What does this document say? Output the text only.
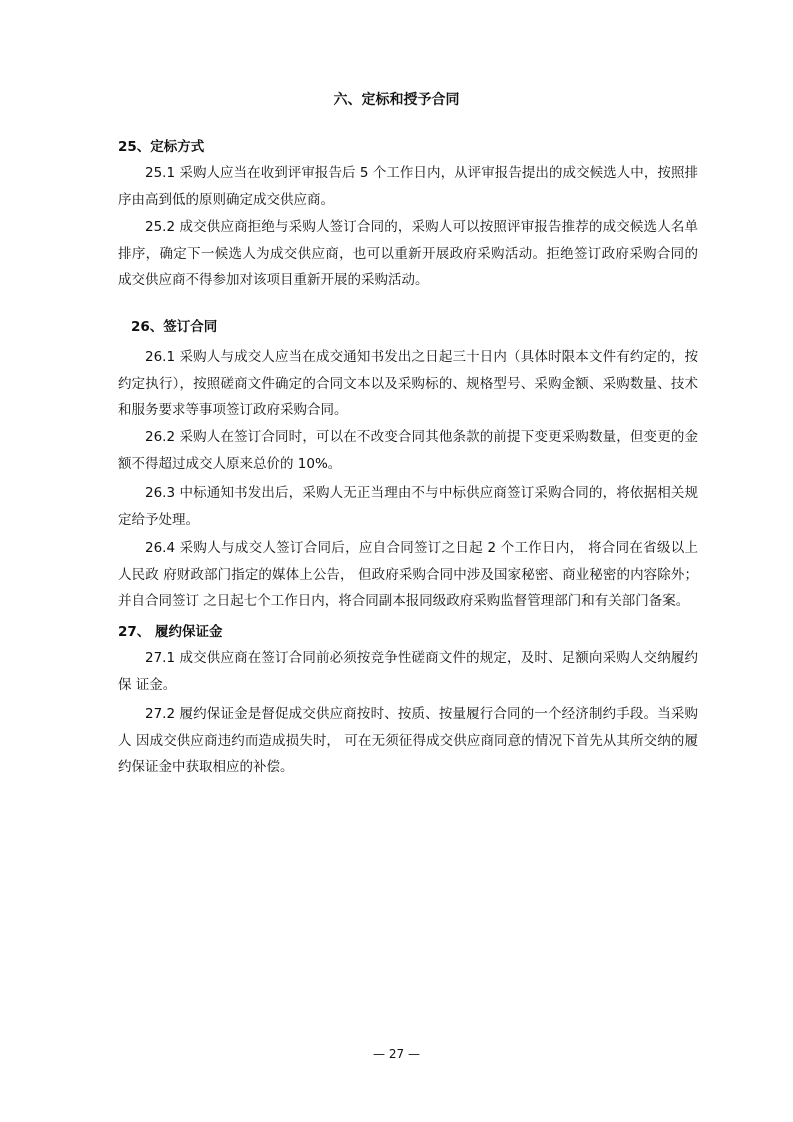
六、定标和授予合同
25、定标方式
25.1 采购人应当在收到评审报告后 5 个工作日内，从评审报告提出的成交候选人中，按照排序由高到低的原则确定成交供应商。
25.2 成交供应商拒绝与采购人签订合同的，采购人可以按照评审报告推荐的成交候选人名单排序，确定下一候选人为成交供应商，也可以重新开展政府采购活动。拒绝签订政府采购合同的成交供应商不得参加对该项目重新开展的采购活动。
26、签订合同
26.1 采购人与成交人应当在成交通知书发出之日起三十日内（具体时限本文件有约定的，按约定执行），按照磋商文件确定的合同文本以及采购标的、规格型号、采购金额、采购数量、技术和服务要求等事项签订政府采购合同。
26.2 采购人在签订合同时，可以在不改变合同其他条款的前提下变更采购数量，但变更的金额不得超过成交人原来总价的 10%。
26.3 中标通知书发出后，采购人无正当理由不与中标供应商签订采购合同的，将依据相关规定给予处理。
26.4 采购人与成交人签订合同后，应自合同签订之日起 2 个工作日内， 将合同在省级以上人民政 府财政部门指定的媒体上公告， 但政府采购合同中涉及国家秘密、商业秘密的内容除外；并自合同签订 之日起七个工作日内，将合同副本报同级政府采购监督管理部门和有关部门备案。
27、 履约保证金
27.1 成交供应商在签订合同前必须按竞争性磋商文件的规定，及时、足额向采购人交纳履约保 证金。
27.2 履约保证金是督促成交供应商按时、按质、按量履行合同的一个经济制约手段。当采购人 因成交供应商违约而造成损失时， 可在无须征得成交供应商同意的情况下首先从其所交纳的履约保证金中获取相应的补偿。
— 27 —
